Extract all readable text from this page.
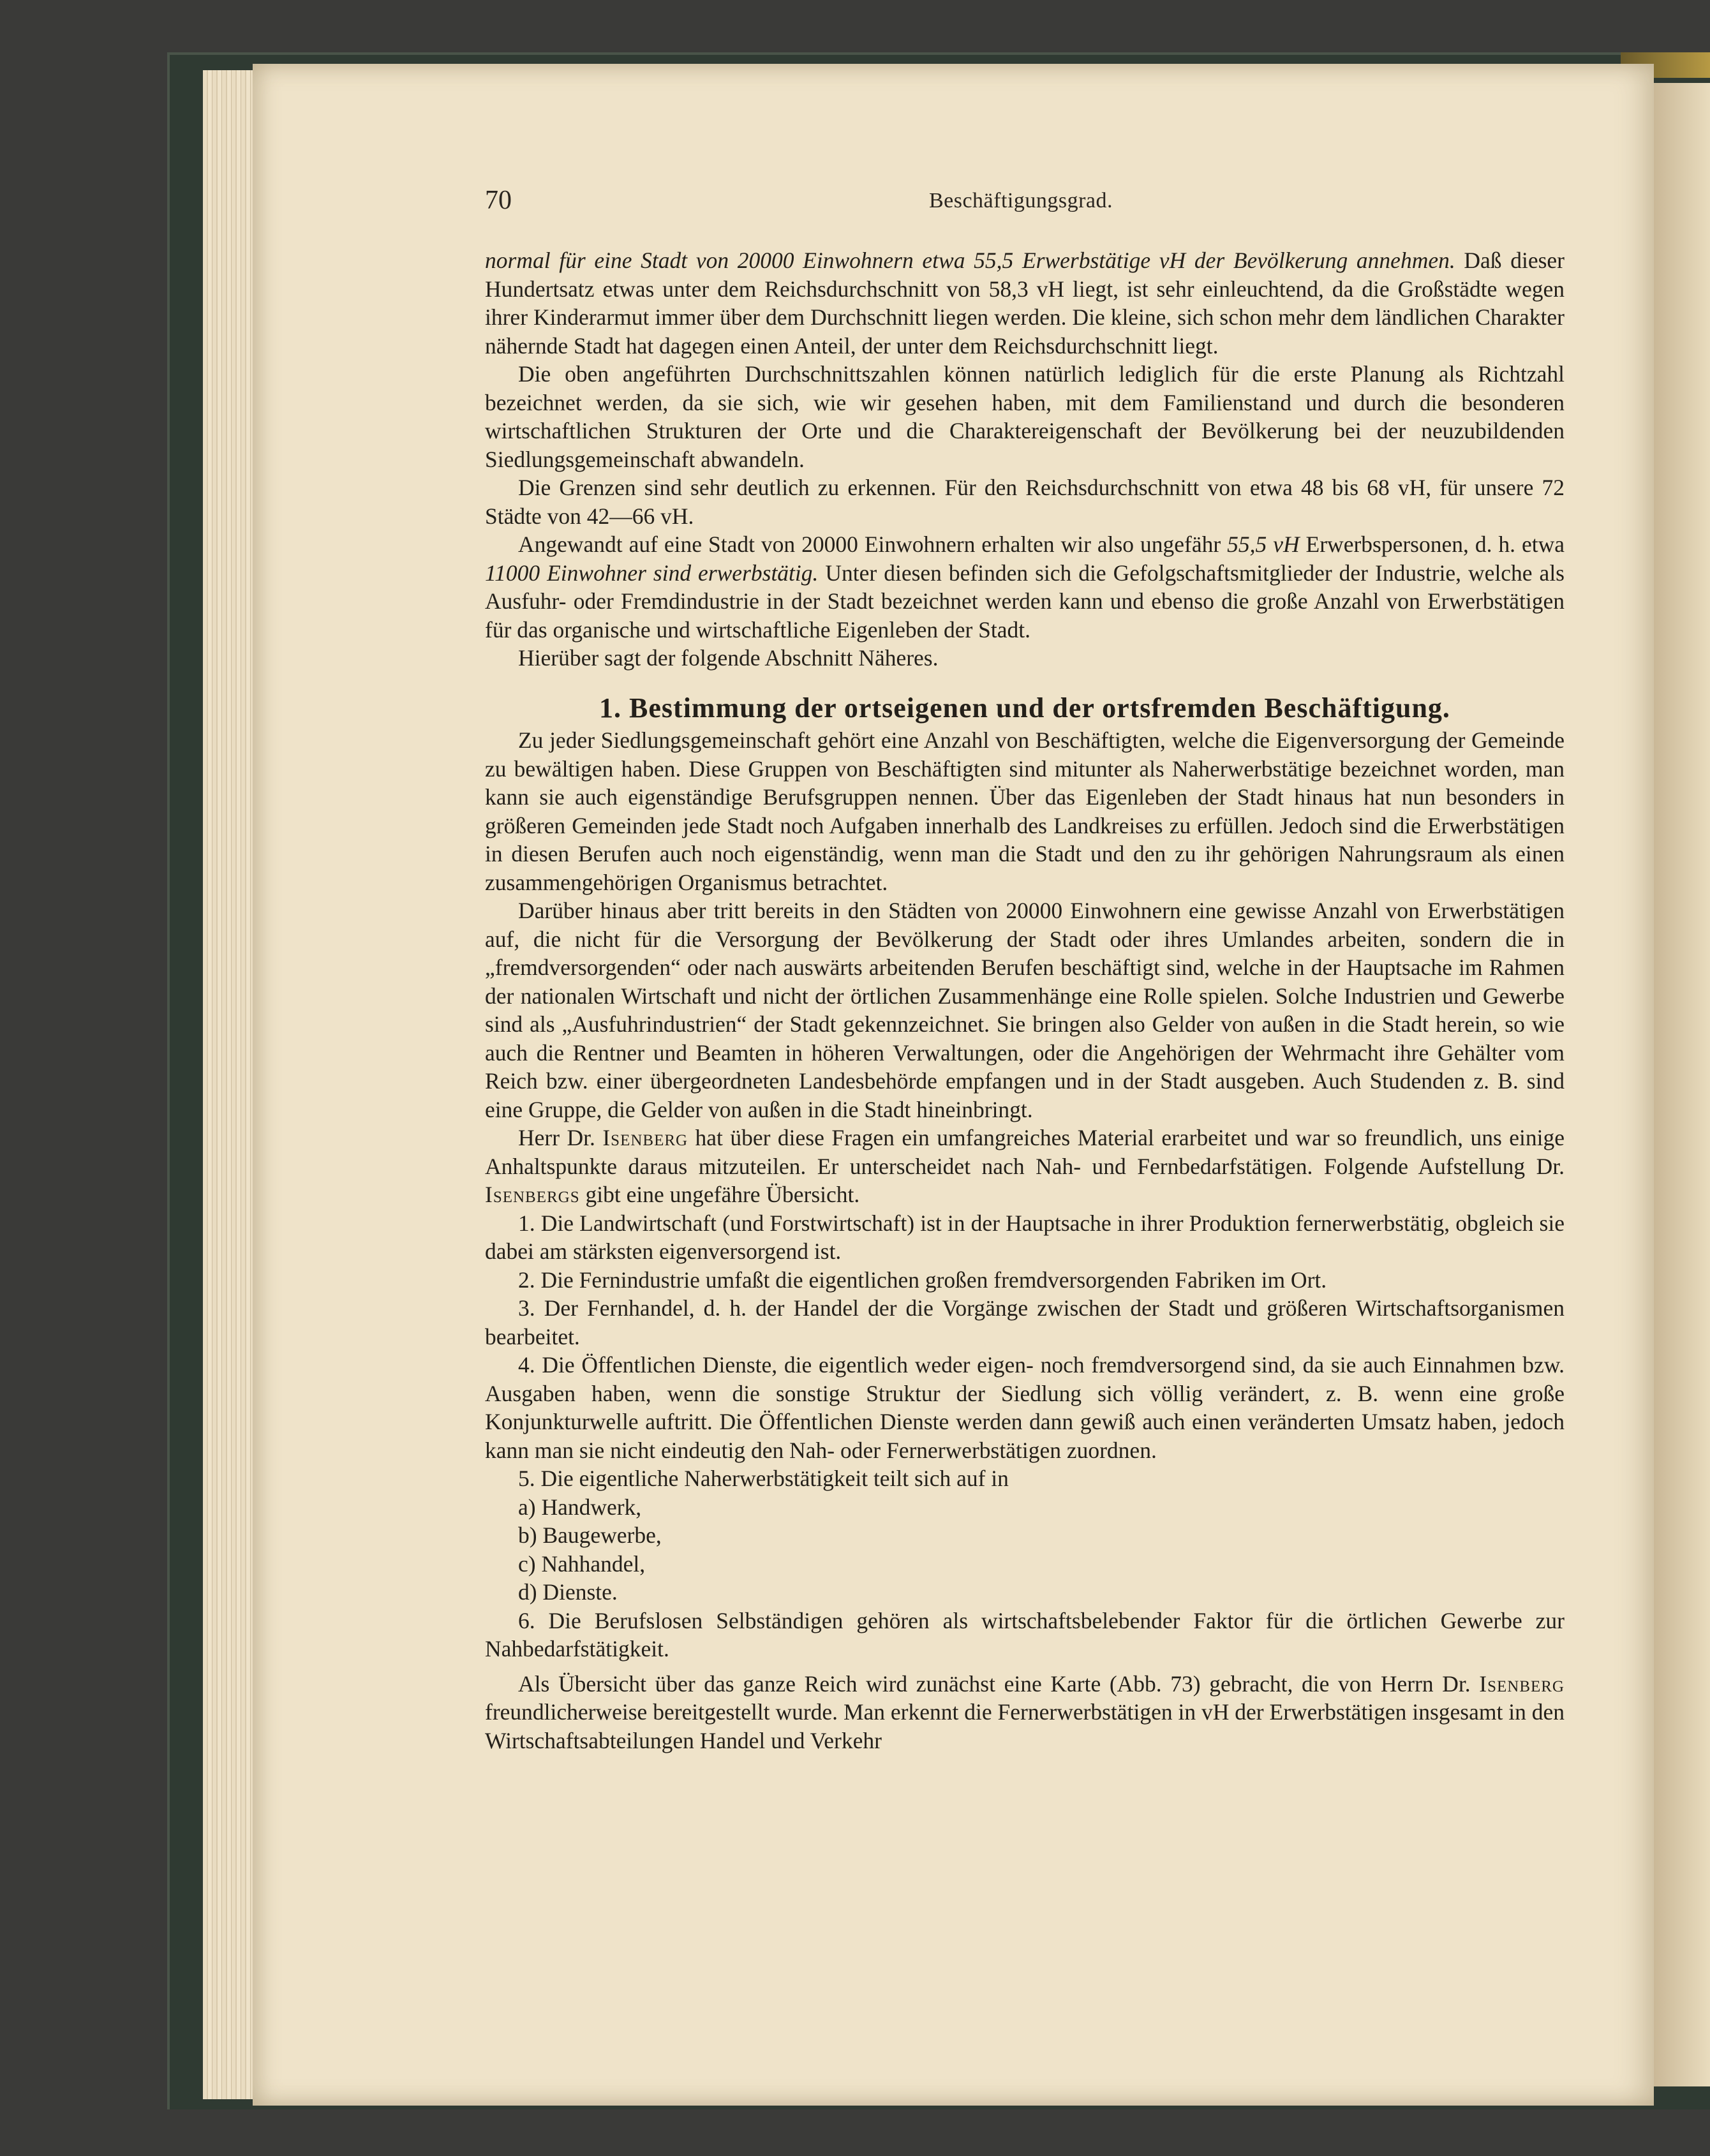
70	Beschäftigungsgrad.

normal für eine Stadt von 20000 Einwohnern etwa 55,5 Erwerbstätige vH der Bevölkerung annehmen. Daß dieser Hundertsatz etwas unter dem Reichsdurchschnitt von 58,3 vH liegt, ist sehr einleuchtend, da die Großstädte wegen ihrer Kinderarmut immer über dem Durchschnitt liegen werden. Die kleine, sich schon mehr dem ländlichen Charakter nähernde Stadt hat dagegen einen Anteil, der unter dem Reichsdurchschnitt liegt.

Die oben angeführten Durchschnittszahlen können natürlich lediglich für die erste Planung als Richtzahl bezeichnet werden, da sie sich, wie wir gesehen haben, mit dem Familienstand und durch die besonderen wirtschaftlichen Strukturen der Orte und die Charaktereigenschaft der Bevölkerung bei der neuzubildenden Siedlungsgemeinschaft abwandeln.

Die Grenzen sind sehr deutlich zu erkennen. Für den Reichsdurchschnitt von etwa 48 bis 68 vH, für unsere 72 Städte von 42—66 vH.

Angewandt auf eine Stadt von 20000 Einwohnern erhalten wir also ungefähr 55,5 vH Erwerbspersonen, d. h. etwa 11000 Einwohner sind erwerbstätig. Unter diesen befinden sich die Gefolgschaftsmitglieder der Industrie, welche als Ausfuhr- oder Fremdindustrie in der Stadt bezeichnet werden kann und ebenso die große Anzahl von Erwerbstätigen für das organische und wirtschaftliche Eigenleben der Stadt.

Hierüber sagt der folgende Abschnitt Näheres.

1. Bestimmung der ortseigenen und der ortsfremden Beschäftigung.

Zu jeder Siedlungsgemeinschaft gehört eine Anzahl von Beschäftigten, welche die Eigenversorgung der Gemeinde zu bewältigen haben. Diese Gruppen von Beschäftigten sind mitunter als Naherwerbstätige bezeichnet worden, man kann sie auch eigenständige Berufsgruppen nennen. Über das Eigenleben der Stadt hinaus hat nun besonders in größeren Gemeinden jede Stadt noch Aufgaben innerhalb des Landkreises zu erfüllen. Jedoch sind die Erwerbstätigen in diesen Berufen auch noch eigenständig, wenn man die Stadt und den zu ihr gehörigen Nahrungsraum als einen zusammengehörigen Organismus betrachtet.

Darüber hinaus aber tritt bereits in den Städten von 20000 Einwohnern eine gewisse Anzahl von Erwerbstätigen auf, die nicht für die Versorgung der Bevölkerung der Stadt oder ihres Umlandes arbeiten, sondern die in „fremdversorgenden“ oder nach auswärts arbeitenden Berufen beschäftigt sind, welche in der Hauptsache im Rahmen der nationalen Wirtschaft und nicht der örtlichen Zusammenhänge eine Rolle spielen. Solche Industrien und Gewerbe sind als „Ausfuhrindustrien“ der Stadt gekennzeichnet. Sie bringen also Gelder von außen in die Stadt herein, so wie auch die Rentner und Beamten in höheren Verwaltungen, oder die Angehörigen der Wehrmacht ihre Gehälter vom Reich bzw. einer übergeordneten Landesbehörde empfangen und in der Stadt ausgeben. Auch Studenden z. B. sind eine Gruppe, die Gelder von außen in die Stadt hineinbringt.

Herr Dr. Isenberg hat über diese Fragen ein umfangreiches Material erarbeitet und war so freundlich, uns einige Anhaltspunkte daraus mitzuteilen. Er unterscheidet nach Nah- und Fernbedarfstätigen. Folgende Aufstellung Dr. Isenbergs gibt eine ungefähre Übersicht.

1. Die Landwirtschaft (und Forstwirtschaft) ist in der Hauptsache in ihrer Produktion fernerwerbstätig, obgleich sie dabei am stärksten eigenversorgend ist.

2. Die Fernindustrie umfaßt die eigentlichen großen fremdversorgenden Fabriken im Ort.

3. Der Fernhandel, d. h. der Handel der die Vorgänge zwischen der Stadt und größeren Wirtschaftsorganismen bearbeitet.

4. Die Öffentlichen Dienste, die eigentlich weder eigen- noch fremdversorgend sind, da sie auch Einnahmen bzw. Ausgaben haben, wenn die sonstige Struktur der Siedlung sich völlig verändert, z. B. wenn eine große Konjunkturwelle auftritt. Die Öffentlichen Dienste werden dann gewiß auch einen veränderten Umsatz haben, jedoch kann man sie nicht eindeutig den Nah- oder Fernerwerbstätigen zuordnen.

5. Die eigentliche Naherwerbstätigkeit teilt sich auf in

a) Handwerk,

b) Baugewerbe,

c) Nahhandel,

d) Dienste.

6. Die Berufslosen Selbständigen gehören als wirtschaftsbelebender Faktor für die örtlichen Gewerbe zur Nahbedarfstätigkeit.

Als Übersicht über das ganze Reich wird zunächst eine Karte (Abb. 73) gebracht, die von Herrn Dr. Isenberg freundlicherweise bereitgestellt wurde. Man erkennt die Fernerwerbstätigen in vH der Erwerbstätigen insgesamt in den Wirtschaftsabteilungen Handel und Verkehr
